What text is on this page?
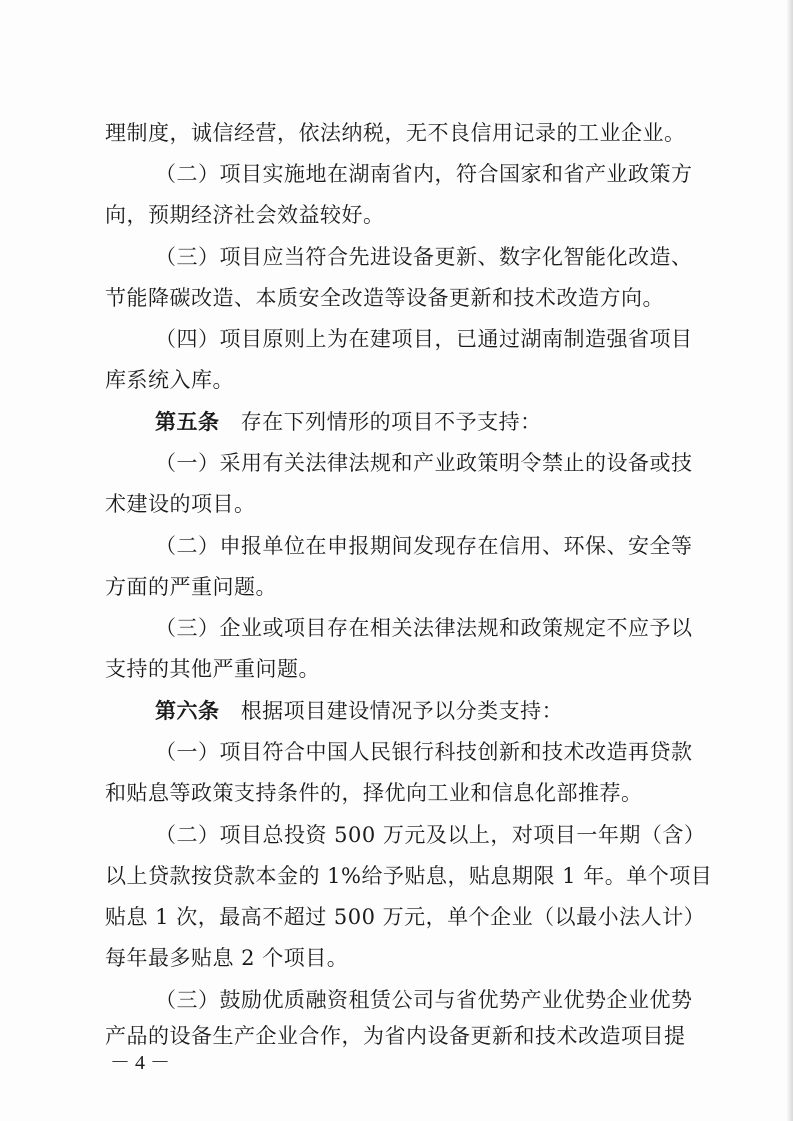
理制度，诚信经营，依法纳税，无不良信用记录的工业企业。
（二）项目实施地在湖南省内，符合国家和省产业政策方
向，预期经济社会效益较好。
（三）项目应当符合先进设备更新、数字化智能化改造、
节能降碳改造、本质安全改造等设备更新和技术改造方向。
（四）项目原则上为在建项目，已通过湖南制造强省项目
库系统入库。
第五条 存在下列情形的项目不予支持：
（一）采用有关法律法规和产业政策明令禁止的设备或技
术建设的项目。
（二）申报单位在申报期间发现存在信用、环保、安全等
方面的严重问题。
（三）企业或项目存在相关法律法规和政策规定不应予以
支持的其他严重问题。
第六条 根据项目建设情况予以分类支持：
（一）项目符合中国人民银行科技创新和技术改造再贷款
和贴息等政策支持条件的，择优向工业和信息化部推荐。
（二）项目总投资 500 万元及以上，对项目一年期（含）
以上贷款按贷款本金的 1%给予贴息，贴息期限 1 年。单个项目
贴息 1 次，最高不超过 500 万元，单个企业（以最小法人计）
每年最多贴息 2 个项目。
（三）鼓励优质融资租赁公司与省优势产业优势企业优势
产品的设备生产企业合作，为省内设备更新和技术改造项目提
－ 4 －
